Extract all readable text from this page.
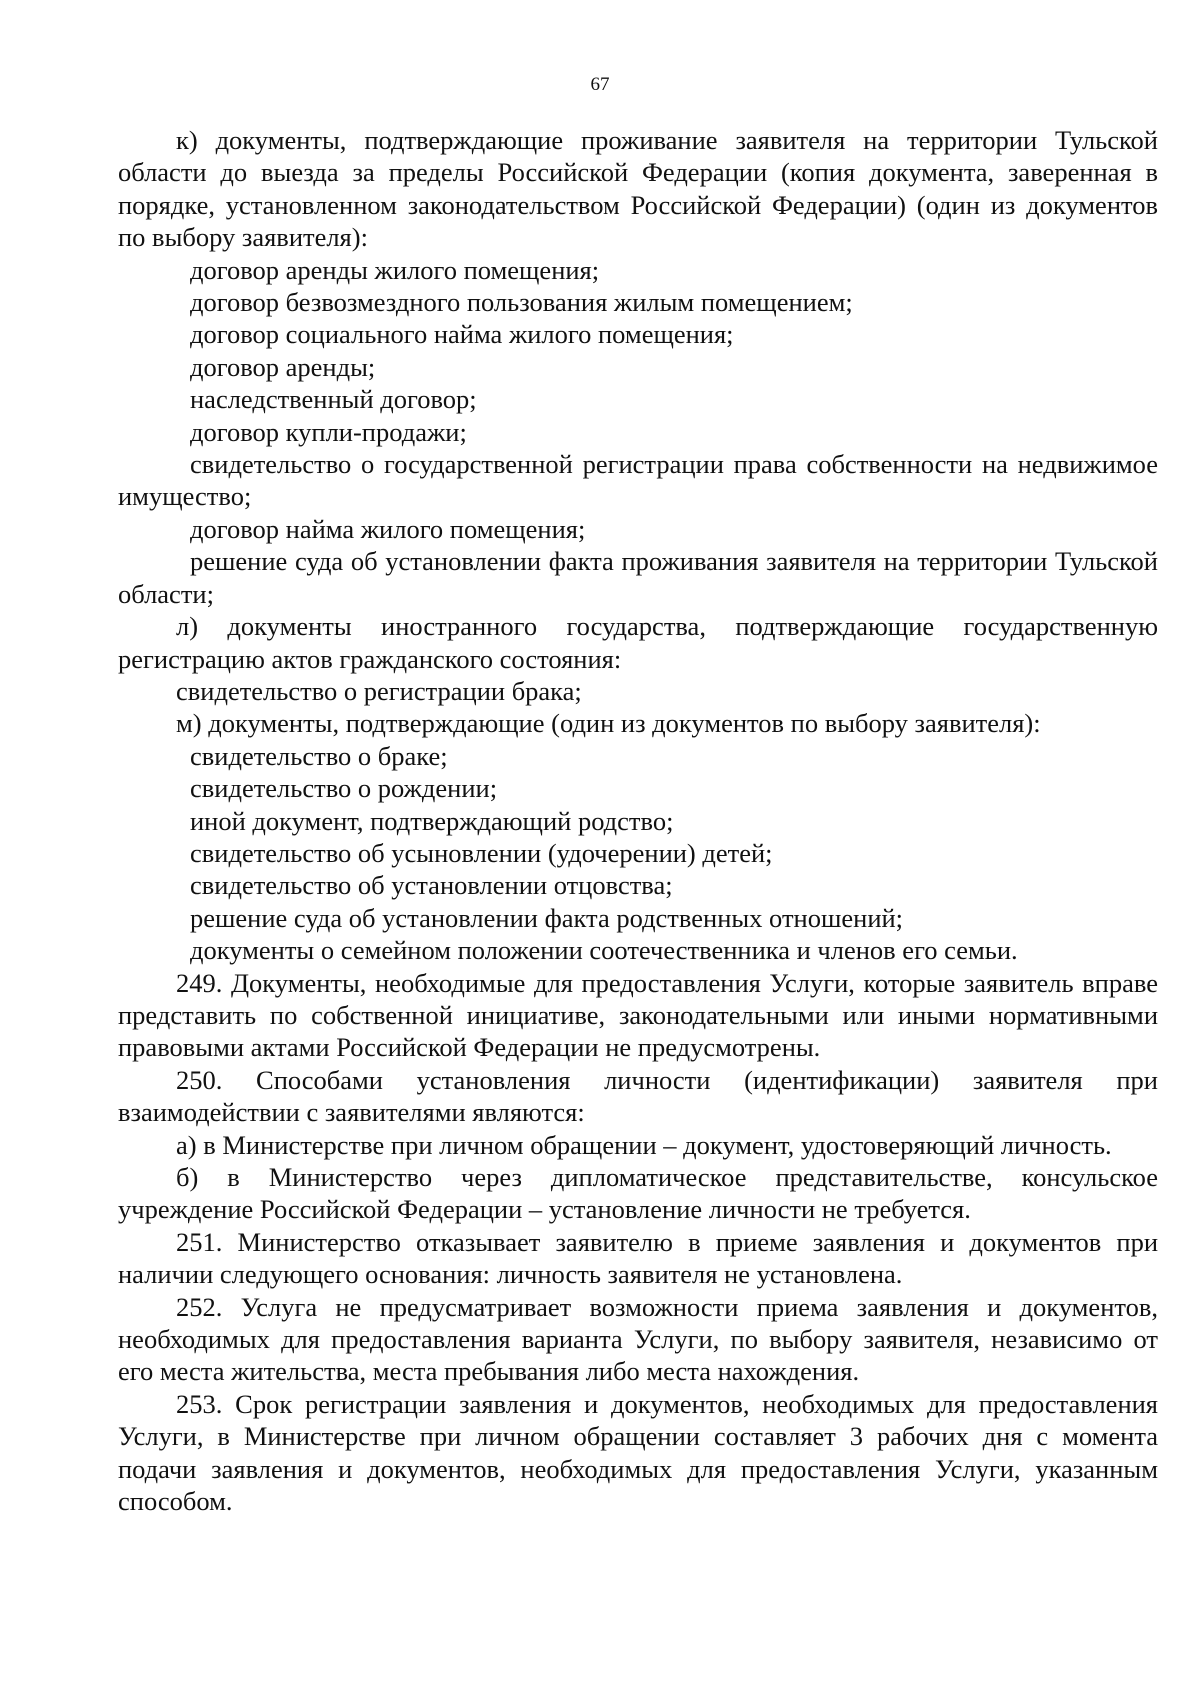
67

к) документы, подтверждающие проживание заявителя на территории Тульской области до выезда за пределы Российской Федерации (копия документа, заверенная в порядке, установленном законодательством Российской Федерации) (один из документов по выбору заявителя):

договор аренды жилого помещения;

договор безвозмездного пользования жилым помещением;

договор социального найма жилого помещения;

договор аренды;

наследственный договор;

договор купли-продажи;

свидетельство о государственной регистрации права собственности на недвижимое имущество;

договор найма жилого помещения;

решение суда об установлении факта проживания заявителя на территории Тульской области;

л) документы иностранного государства, подтверждающие государственную регистрацию актов гражданского состояния:

свидетельство о регистрации брака;

м) документы, подтверждающие (один из документов по выбору заявителя):

свидетельство о браке;

свидетельство о рождении;

иной документ, подтверждающий родство;

свидетельство об усыновлении (удочерении) детей;

свидетельство об установлении отцовства;

решение суда об установлении факта родственных отношений;

документы о семейном положении соотечественника и членов его семьи.

249. Документы, необходимые для предоставления Услуги, которые заявитель вправе представить по собственной инициативе, законодательными или иными нормативными правовыми актами Российской Федерации не предусмотрены.

250. Способами установления личности (идентификации) заявителя при взаимодействии с заявителями являются:

а) в Министерстве при личном обращении – документ, удостоверяющий личность.

б) в Министерство через дипломатическое представительстве, консульское учреждение Российской Федерации – установление личности не требуется.

251. Министерство отказывает заявителю в приеме заявления и документов при наличии следующего основания: личность заявителя не установлена.

252. Услуга не предусматривает возможности приема заявления и документов, необходимых для предоставления варианта Услуги, по выбору заявителя, независимо от его места жительства, места пребывания либо места нахождения.

253. Срок регистрации заявления и документов, необходимых для предоставления Услуги, в Министерстве при личном обращении составляет 3 рабочих дня с момента подачи заявления и документов, необходимых для предоставления Услуги, указанным способом.
